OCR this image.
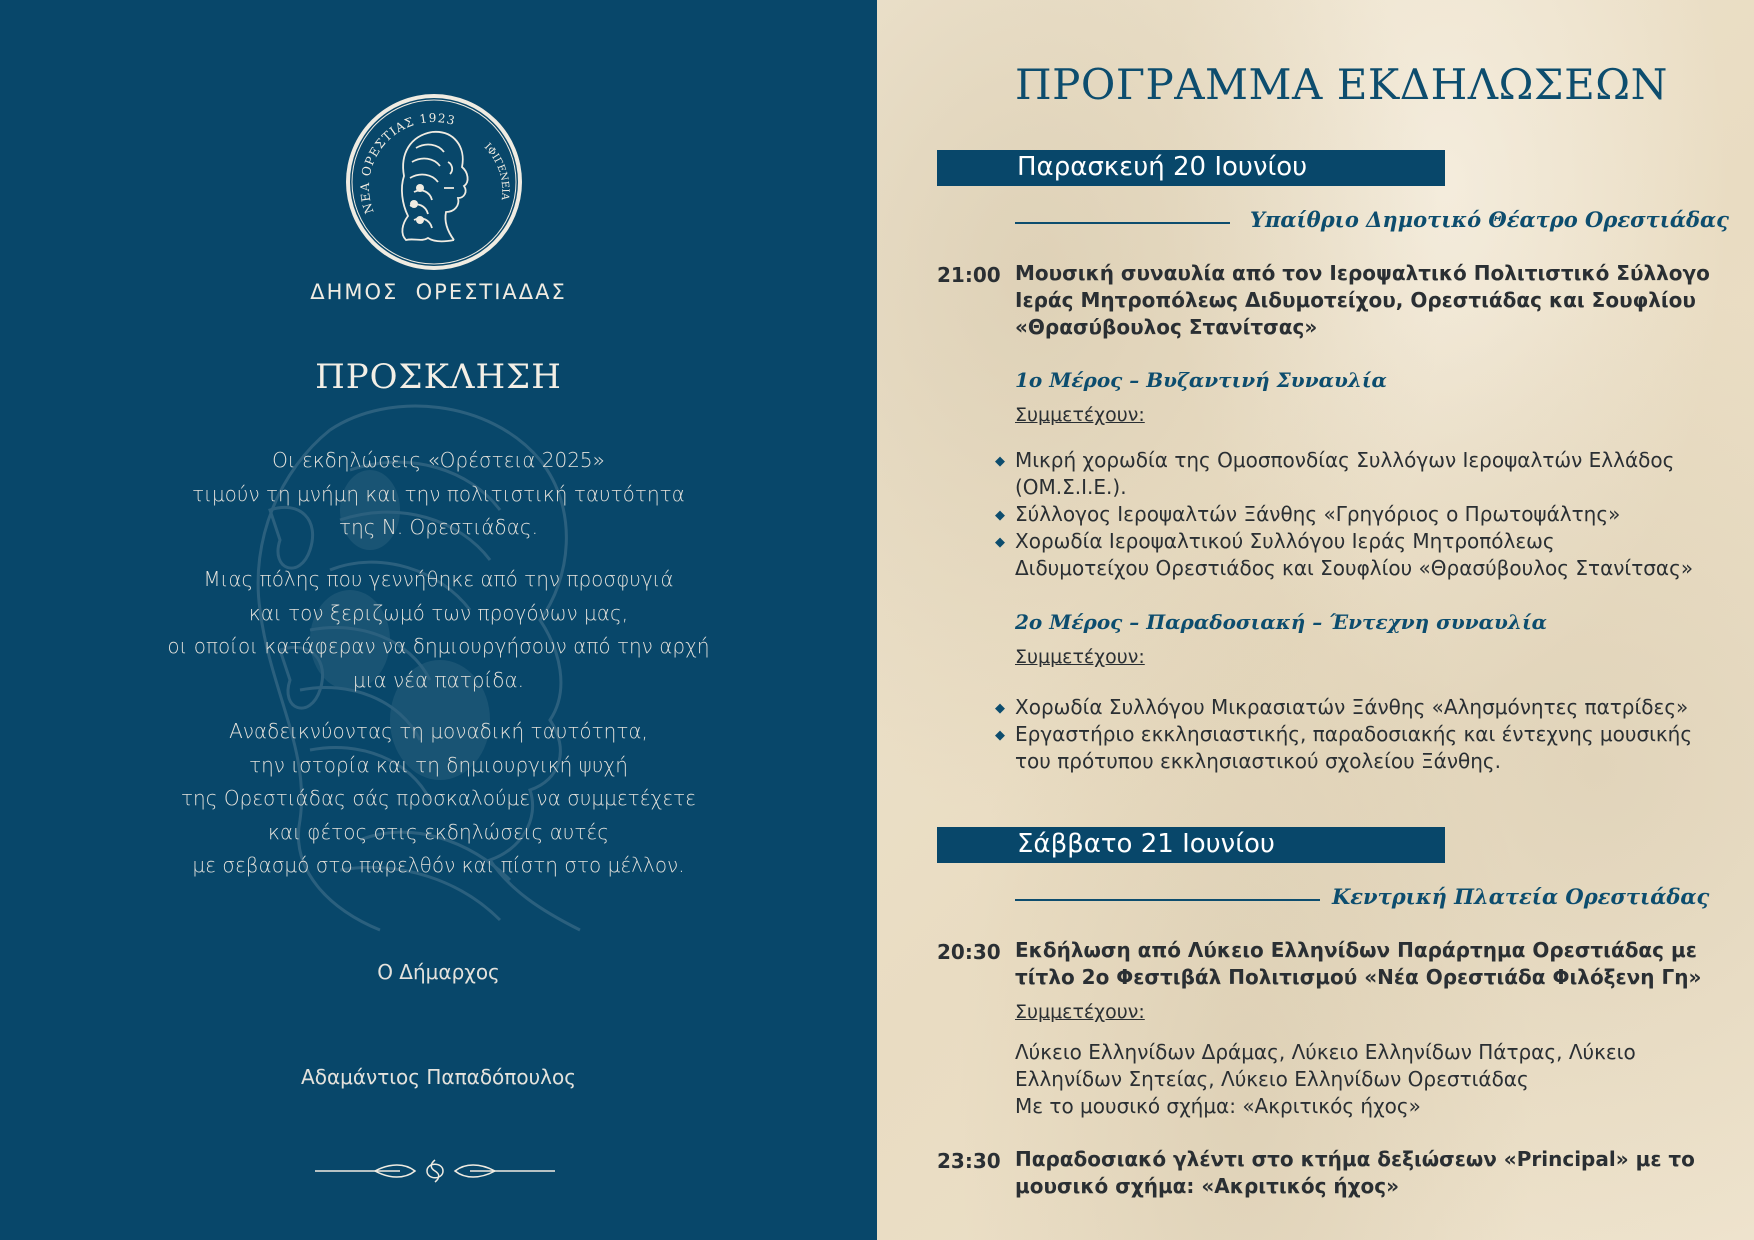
ΝΕΑ ΟΡΕΣΤΙΑΣ 1923
ΙΦΙΓΕΝΕΙΑ
ΔΗΜΟΣ  ΟΡΕΣΤΙΑΔΑΣ
ΠΡΟΣΚΛΗΣΗ
Οι εκδηλώσεις «Ορέστεια 2025»
τιμούν τη μνήμη και την πολιτιστική ταυτότητα
της Ν. Ορεστιάδας.
Μιας πόλης που γεννήθηκε από την προσφυγιά
και τον ξεριζωμό των προγόνων μας,
οι οποίοι κατάφεραν να δημιουργήσουν από την αρχή
μια νέα πατρίδα.
Αναδεικνύοντας τη μοναδική ταυτότητα,
την ιστορία και τη δημιουργική ψυχή
της Ορεστιάδας σάς προσκαλούμε να συμμετέχετε
και φέτος στις εκδηλώσεις αυτές
με σεβασμό στο παρελθόν και πίστη στο μέλλον.
Ο Δήμαρχος
Αδαμάντιος Παπαδόπουλος
ΠΡΟΓΡΑΜΜΑ ΕΚΔΗΛΩΣΕΩΝ
Παρασκευή 20 Ιουνίου
Υπαίθριο Δημοτικό Θέατρο Ορεστιάδας
21:00 Μουσική συναυλία από τον Ιεροψαλτικό Πολιτιστικό Σύλλογο
Ιεράς Μητροπόλεως Διδυμοτείχου, Ορεστιάδας και Σουφλίου
«Θρασύβουλος Στανίτσας»
1ο Μέρος – Βυζαντινή Συναυλία
Συμμετέχουν:
◆ Μικρή χορωδία της Ομοσπονδίας Συλλόγων Ιεροψαλτών Ελλάδος
(ΟΜ.Σ.Ι.Ε.).
◆ Σύλλογος Ιεροψαλτών Ξάνθης «Γρηγόριος ο Πρωτοψάλτης»
◆ Χορωδία Ιεροψαλτικού Συλλόγου Ιεράς Μητροπόλεως
Διδυμοτείχου Ορεστιάδος και Σουφλίου «Θρασύβουλος Στανίτσας»
2ο Μέρος – Παραδοσιακή – Έντεχνη συναυλία
Συμμετέχουν:
◆ Χορωδία Συλλόγου Μικρασιατών Ξάνθης «Αλησμόνητες πατρίδες»
◆ Εργαστήριο εκκλησιαστικής, παραδοσιακής και έντεχνης μουσικής
του πρότυπου εκκλησιαστικού σχολείου Ξάνθης.
Σάββατο 21 Ιουνίου
Κεντρική Πλατεία Ορεστιάδας
20:30 Εκδήλωση από Λύκειο Ελληνίδων Παράρτημα Ορεστιάδας με
τίτλο 2ο Φεστιβάλ Πολιτισμού «Νέα Ορεστιάδα Φιλόξενη Γη»
Συμμετέχουν:
Λύκειο Ελληνίδων Δράμας, Λύκειο Ελληνίδων Πάτρας, Λύκειο
Ελληνίδων Σητείας, Λύκειο Ελληνίδων Ορεστιάδας
Με το μουσικό σχήμα: «Ακριτικός ήχος»
23:30 Παραδοσιακό γλέντι στο κτήμα δεξιώσεων «Principal» με το
μουσικό σχήμα: «Ακριτικός ήχος»
